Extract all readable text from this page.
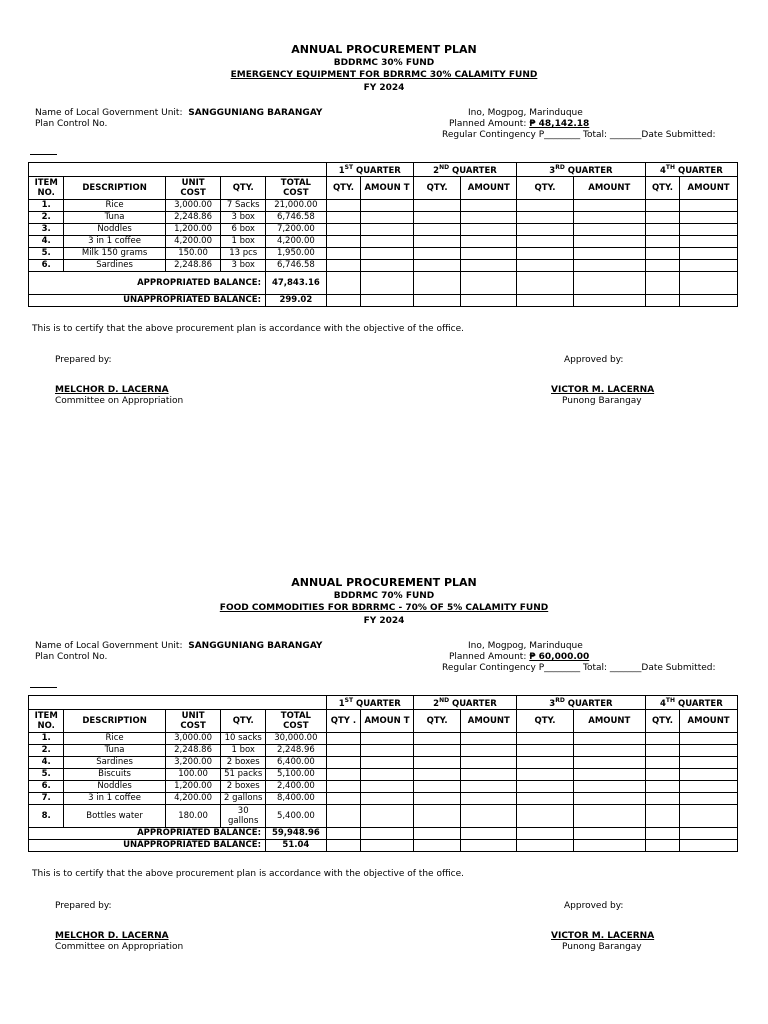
ANNUAL PROCUREMENT PLAN
BDDRMC 30% FUND
EMERGENCY EQUIPMENT FOR BDRRMC 30% CALAMITY FUND
FY 2024
Name of Local Government Unit: SANGGUNIANG BARANGAY
Plan Control No.
Ino, Mogpog, Marinduque
Planned Amount: ₱ 48,142.18
Regular Contingency P________ Total: _______Date Submitted:
					1ST QUARTER		2ND QUARTER		3RD QUARTER		4TH QUARTER	
ITEM NO.	DESCRIPTION	UNIT COST	QTY.	TOTAL COST	QTY.	AMOUN T	QTY.	AMOUNT	QTY.	AMOUNT	QTY.	AMOUNT
1.	Rice	3,000.00	7 Sacks	21,000.00								
2.	Tuna	2,248.86	3 box	6,746.58								
3.	Noddles	1,200.00	6 box	7,200.00								
4.	3 in 1 coffee	4,200.00	1 box	4,200.00								
5.	Milk 150 grams	150.00	13 pcs	1,950.00								
6.	Sardines	2,248.86	3 box	6,746.58								
APPROPRIATED BALANCE:				47,843.16								
UNAPPROPRIATED BALANCE:				299.02								
This is to certify that the above procurement plan is accordance with the objective of the office.
Prepared by:	Approved by:
MELCHOR D. LACERNA
Committee on Appropriation
VICTOR M. LACERNA
Punong Barangay
ANNUAL PROCUREMENT PLAN
BDDRMC 70% FUND
FOOD COMMODITIES FOR BDRRMC - 70% OF 5% CALAMITY FUND
FY 2024
Name of Local Government Unit: SANGGUNIANG BARANGAY
Plan Control No.
Ino, Mogpog, Marinduque
Planned Amount: ₱ 60,000.00
Regular Contingency P________ Total: _______Date Submitted:
					1ST QUARTER		2ND QUARTER		3RD QUARTER		4TH QUARTER	
ITEM NO.	DESCRIPTION	UNIT COST	QTY.	TOTAL COST	QTY .	AMOUN T	QTY.	AMOUNT	QTY.	AMOUNT	QTY.	AMOUNT
1.	Rice	3,000.00	10 sacks	30,000.00								
2.	Tuna	2,248.86	1 box	2,248.96								
4.	Sardines	3,200.00	2 boxes	6,400.00								
5.	Biscuits	100.00	51 packs	5,100.00								
6.	Noddles	1,200.00	2 boxes	2,400.00								
7.	3 in 1 coffee	4,200.00	2 gallons	8,400.00								
8.	Bottles water	180.00	30 gallons	5,400.00								
APPROPRIATED BALANCE:				59,948.96								
UNAPPROPRIATED BALANCE:				51.04								
This is to certify that the above procurement plan is accordance with the objective of the office.
Prepared by:	Approved by:
MELCHOR D. LACERNA
Committee on Appropriation
VICTOR M. LACERNA
Punong Barangay
